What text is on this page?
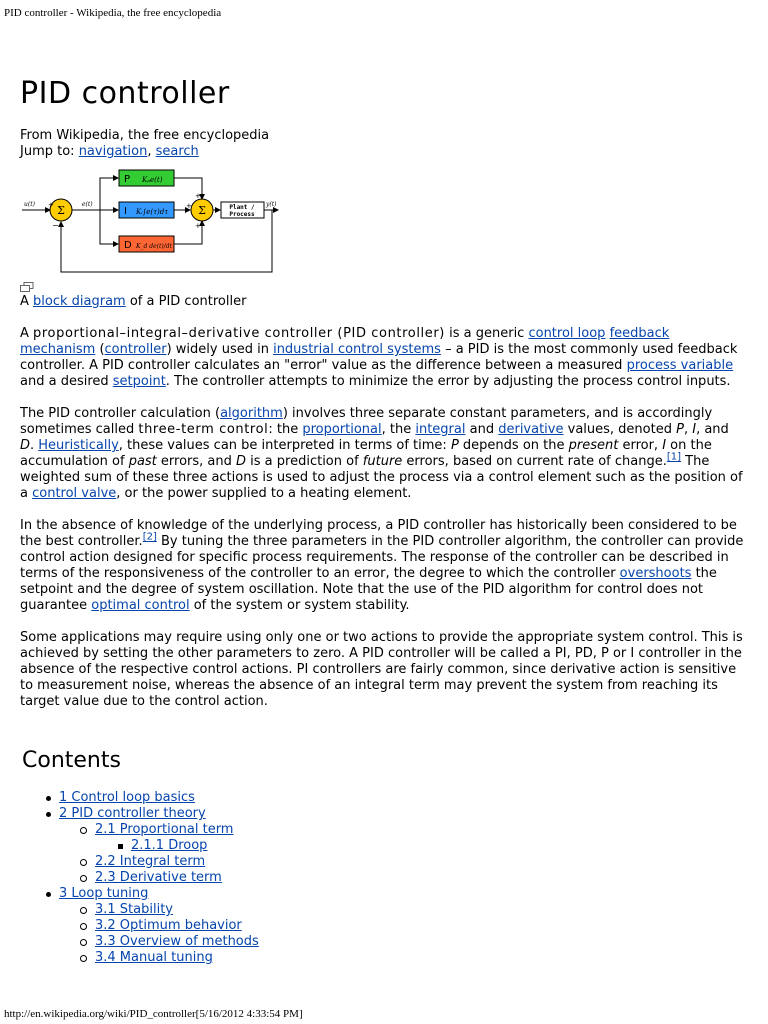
PID controller - Wikipedia, the free encyclopedia
PID controller
From Wikipedia, the free encyclopedia
Jump to: navigation, search
Σ	Σ
P Kₚe(t)
I Kᵢ∫e(τ)dτ
D K_d de(t)/dt
Plant /
Process
u(t)	e(t)	y(t)
+
−
+
+
+
A block diagram of a PID controller

A proportional–integral–derivative controller (PID controller) is a generic control loop feedback mechanism (controller) widely used in industrial control systems – a PID is the most commonly used feedback controller. A PID controller calculates an "error" value as the difference between a measured process variable and a desired setpoint. The controller attempts to minimize the error by adjusting the process control inputs.

The PID controller calculation (algorithm) involves three separate constant parameters, and is accordingly sometimes called three-term control: the proportional, the integral and derivative values, denoted P, I, and D. Heuristically, these values can be interpreted in terms of time: P depends on the present error, I on the accumulation of past errors, and D is a prediction of future errors, based on current rate of change.[1] The weighted sum of these three actions is used to adjust the process via a control element such as the position of a control valve, or the power supplied to a heating element.

In the absence of knowledge of the underlying process, a PID controller has historically been considered to be the best controller.[2] By tuning the three parameters in the PID controller algorithm, the controller can provide control action designed for specific process requirements. The response of the controller can be described in terms of the responsiveness of the controller to an error, the degree to which the controller overshoots the setpoint and the degree of system oscillation. Note that the use of the PID algorithm for control does not guarantee optimal control of the system or system stability.

Some applications may require using only one or two actions to provide the appropriate system control. This is achieved by setting the other parameters to zero. A PID controller will be called a PI, PD, P or I controller in the absence of the respective control actions. PI controllers are fairly common, since derivative action is sensitive to measurement noise, whereas the absence of an integral term may prevent the system from reaching its target value due to the control action.

Contents
1 Control loop basics
2 PID controller theory
2.1 Proportional term
2.1.1 Droop
2.2 Integral term
2.3 Derivative term
3 Loop tuning
3.1 Stability
3.2 Optimum behavior
3.3 Overview of methods
3.4 Manual tuning
http://en.wikipedia.org/wiki/PID_controller[5/16/2012 4:33:54 PM]
